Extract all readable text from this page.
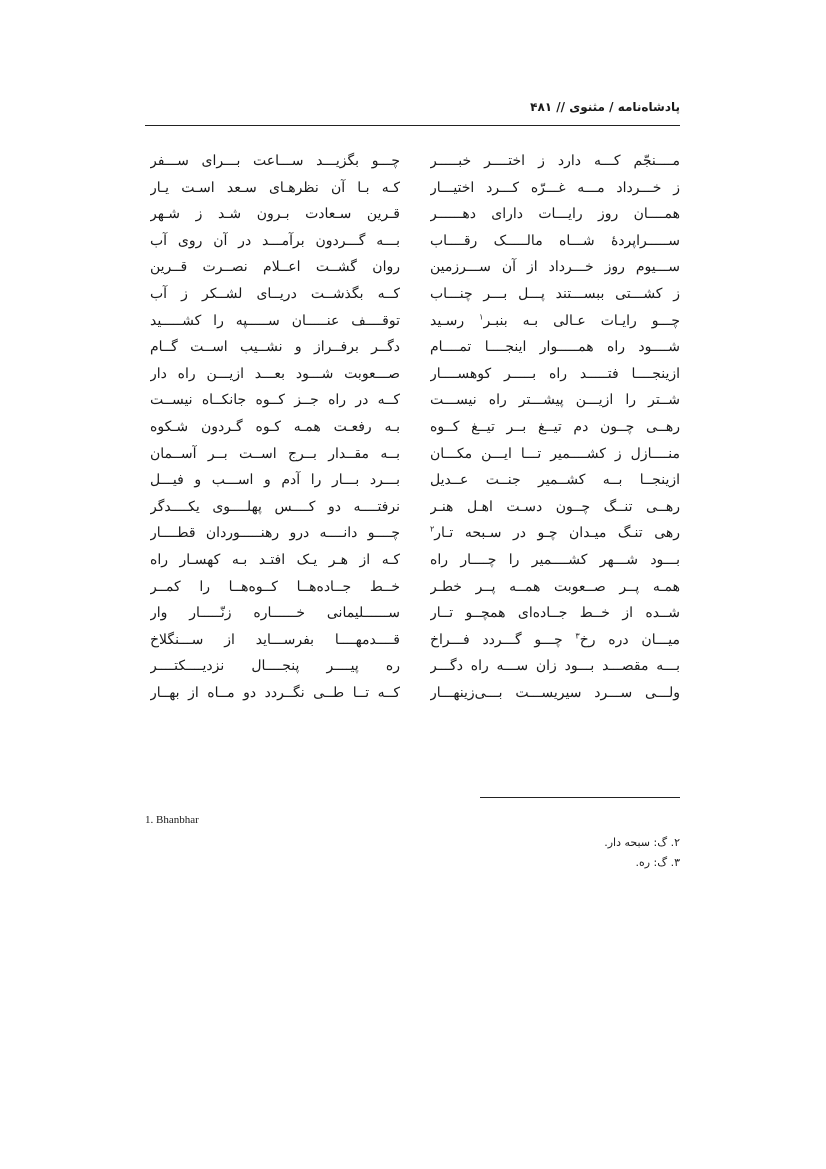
پادشاه‌نامه / مثنوی // ۴۸۱
مــــنجّم کـــه دارد ز اختــــر خبـــــر
ز خـــرداد مـــه غـــرّه کـــرد اختیـــار
همــــان روز رایـــات دارای دهــــــر
ســـــراپردهٔ شـــاه مالـــــک رقــــاب
ســـیوم روز خـــرداد از آن ســـرزمین
ز کشـــتی ببســـتند پـــل بـــر چنـــاب
چـــو رایـات عـالی بـه بنبـر$^۱$ رسـید
شــــود راه همـــــوار اینجــــا تمــــام
ازینجــــا فتـــــد راه بـــــر کوهســــار
شــتر را ازیـــن پیشـــتر راه نیســـت
رهــی چــون دم تیــغ بــر تیــغ کــوه
منــــازل ز کشــــمیر تـــا ایـــن مکـــان
ازینجــا بــه کشــمیر جنــت عــدیل
رهــی تنــگ چــون دسـت اهـل هنـر
رهی تنـگ میـدان چـو در سـبحه تـار$^۲$
بـــود شـــهر کشــــمیر را چــــار راه
همـه پــر صــعوبت همــه پــر خطـر
شــده از خــط جــاده‌ای همچــو تــار
میـــان دره رخ$^۳$ چـــو گـــردد فـــراخ
بـــه مقصـــد بـــود زان ســـه راه دگـــر
ولـــی ســـرد سیریســـت بـــی‌زینهـــار
چـــو بگزیـــد ســـاعت بـــرای ســـفر
کـه بـا آن نظرهـای سـعد اسـت یـار
قـرین سـعادت بـرون شـد ز شـهر
بـــه گـــردون برآمـــد در آن روی آب
روان گشــت اعــلام نصــرت قــرین
کــه بگذشــت دریــای لشــکر ز آب
توقــــف عنـــــان ســـــپه را کشـــــید
دگــر برفــراز و نشــیب اســت گــام
صـــعوبت شـــود بعـــد ازیـــن راه دار
کــه در راه جــز کــوه جانکــاه نیســت
بـه رفعـت همـه کـوه گـردون شـکوه
بــه مقــدار بــرج اســت بــر آســمان
بـــرد بـــار را آدم و اســـب و فیـــل
نرفتــــه دو کــــس پهلــــوی یکــــدگر
چــــو دانــــه درو رهنـــــوردان قطــــار
کـه از هـر یـک افتـد بـه کهسـار راه
خــط جــاده‌هــا کــوه‌هــا را کمــر
ســــــلیمانی خــــــاره زنّـــــار وار
قــــدمهــــا بفرســـاید از ســـنگلاخ
ره پیــــر پنجــــال نزدیــــکتــــر
کــه تــا طــی نگــردد دو مــاه از بهــار
1. Bhanbhar
۲. گ: سبحه دار.
۳. گ: ره.
